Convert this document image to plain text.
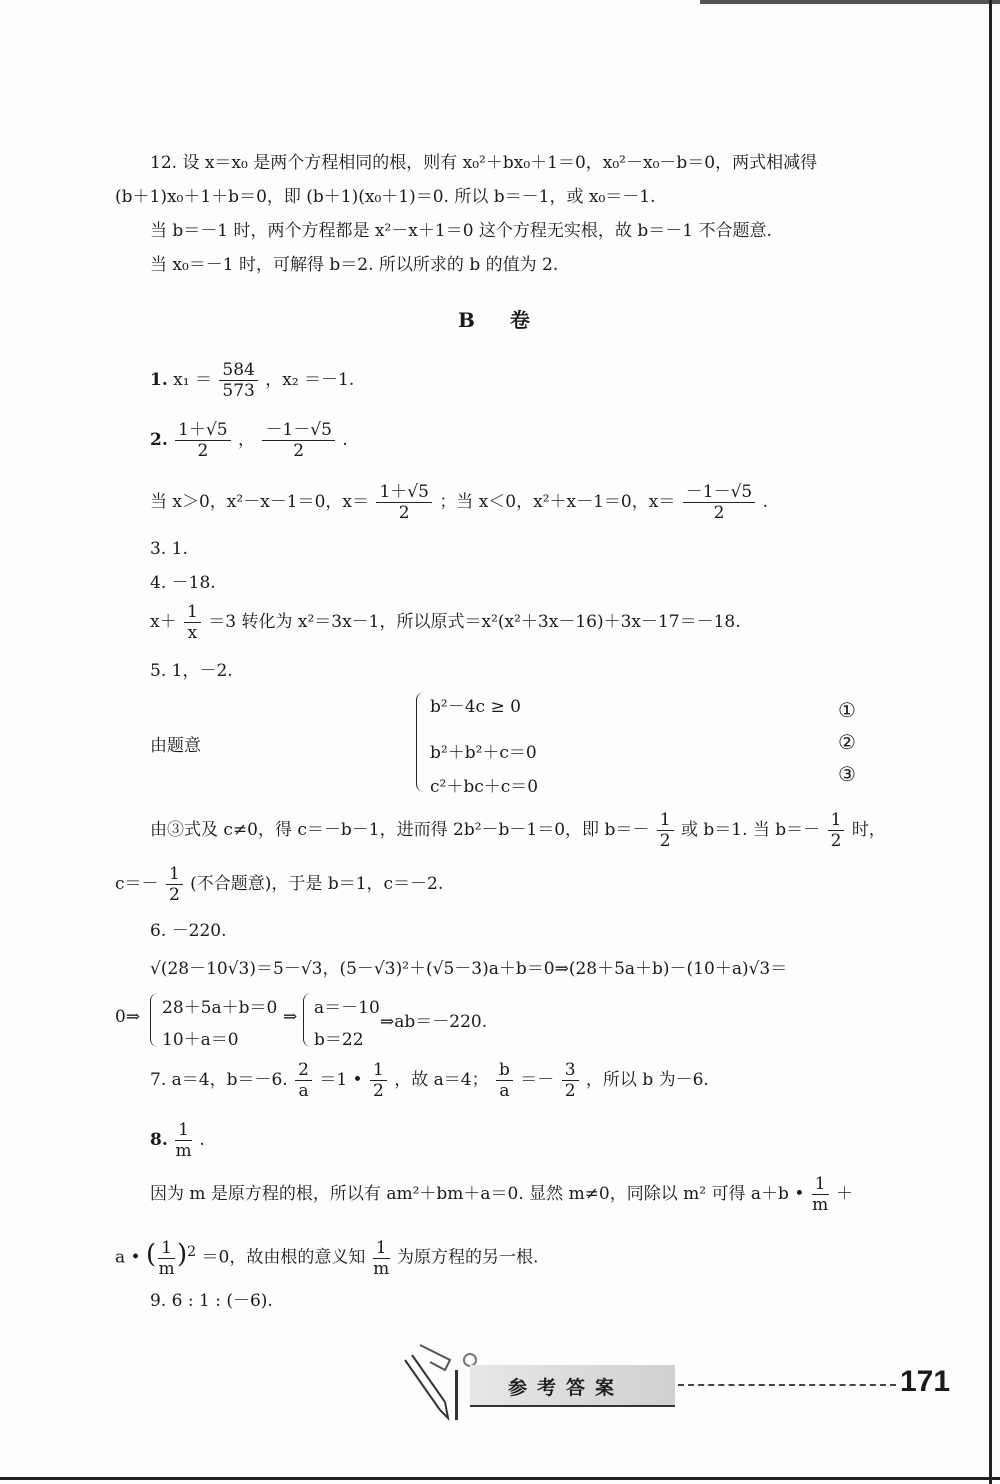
12. 设 x＝x₀ 是两个方程相同的根，则有 x₀²＋bx₀＋1＝0，x₀²－x₀－b＝0，两式相减得
(b＋1)x₀＋1＋b＝0，即 (b＋1)(x₀＋1)＝0. 所以 b＝－1，或 x₀＝－1.
当 b＝－1 时，两个方程都是 x²－x＋1＝0 这个方程无实根，故 b＝－1 不合题意.
当 x₀＝－1 时，可解得 b＝2. 所以所求的 b 的值为 2.
B 卷
1. $x_1 = \frac{584}{573}$ ，x₂ ＝－1.
2. $\frac{1+√5}{2}$ ， $\frac{-1-√5}{2}$ .
当 x＞0，x²－x－1＝0，$x= \frac{1+√5}{2}$ ；当 x＜0，x²＋x－1＝0，$x= \frac{-1-√5}{2}$ .
3. 1.
4. －18.
$x+ \frac{1}{x} =3$ 转化为 x²＝3x－1，所以原式＝x²(x²＋3x－16)＋3x－17＝－18.
5. 1，－2.
由题意
b²－4c ≥ 0
b²＋b²＋c＝0
c²＋bc＋c＝0
①
②
③
由③式及 c≠0，得 c＝－b－1，进而得 2b²－b－1＝0，即 $b=- \frac{1}{2}$ 或 b＝1. 当 $b=- \frac{1}{2}$ 时，
$c=- \frac{1}{2}$ (不合题意)，于是 b＝1，c＝－2.
6. －220.
√(28－10√3)＝5－√3，(5－√3)²＋(√5－3)a＋b＝0⇒(28＋5a＋b)－(10＋a)√3＝
0⇒ 28＋5a＋b＝0
10＋a＝0
⇒ a＝－10
b＝22
⇒ab＝－220.
7. a＝4，b＝－6. $\frac{2}{a} =1$ • $\frac{1}{2}$ ，故 a＝4； $\frac{b}{a} =- \frac{3}{2}$ ，所以 b 为－6.
8. $\frac{1}{m}$ .
因为 m 是原方程的根，所以有 am²＋bm＋a＝0. 显然 m≠0，同除以 m² 可得 a＋b • $\frac{1}{m}$ ＋
a • ( $\frac{1}{m} )^2 =0$，故由根的意义知 $\frac{1}{m}$ 为原方程的另一根.
9. 6 : 1 : (－6).
参考答案	171
